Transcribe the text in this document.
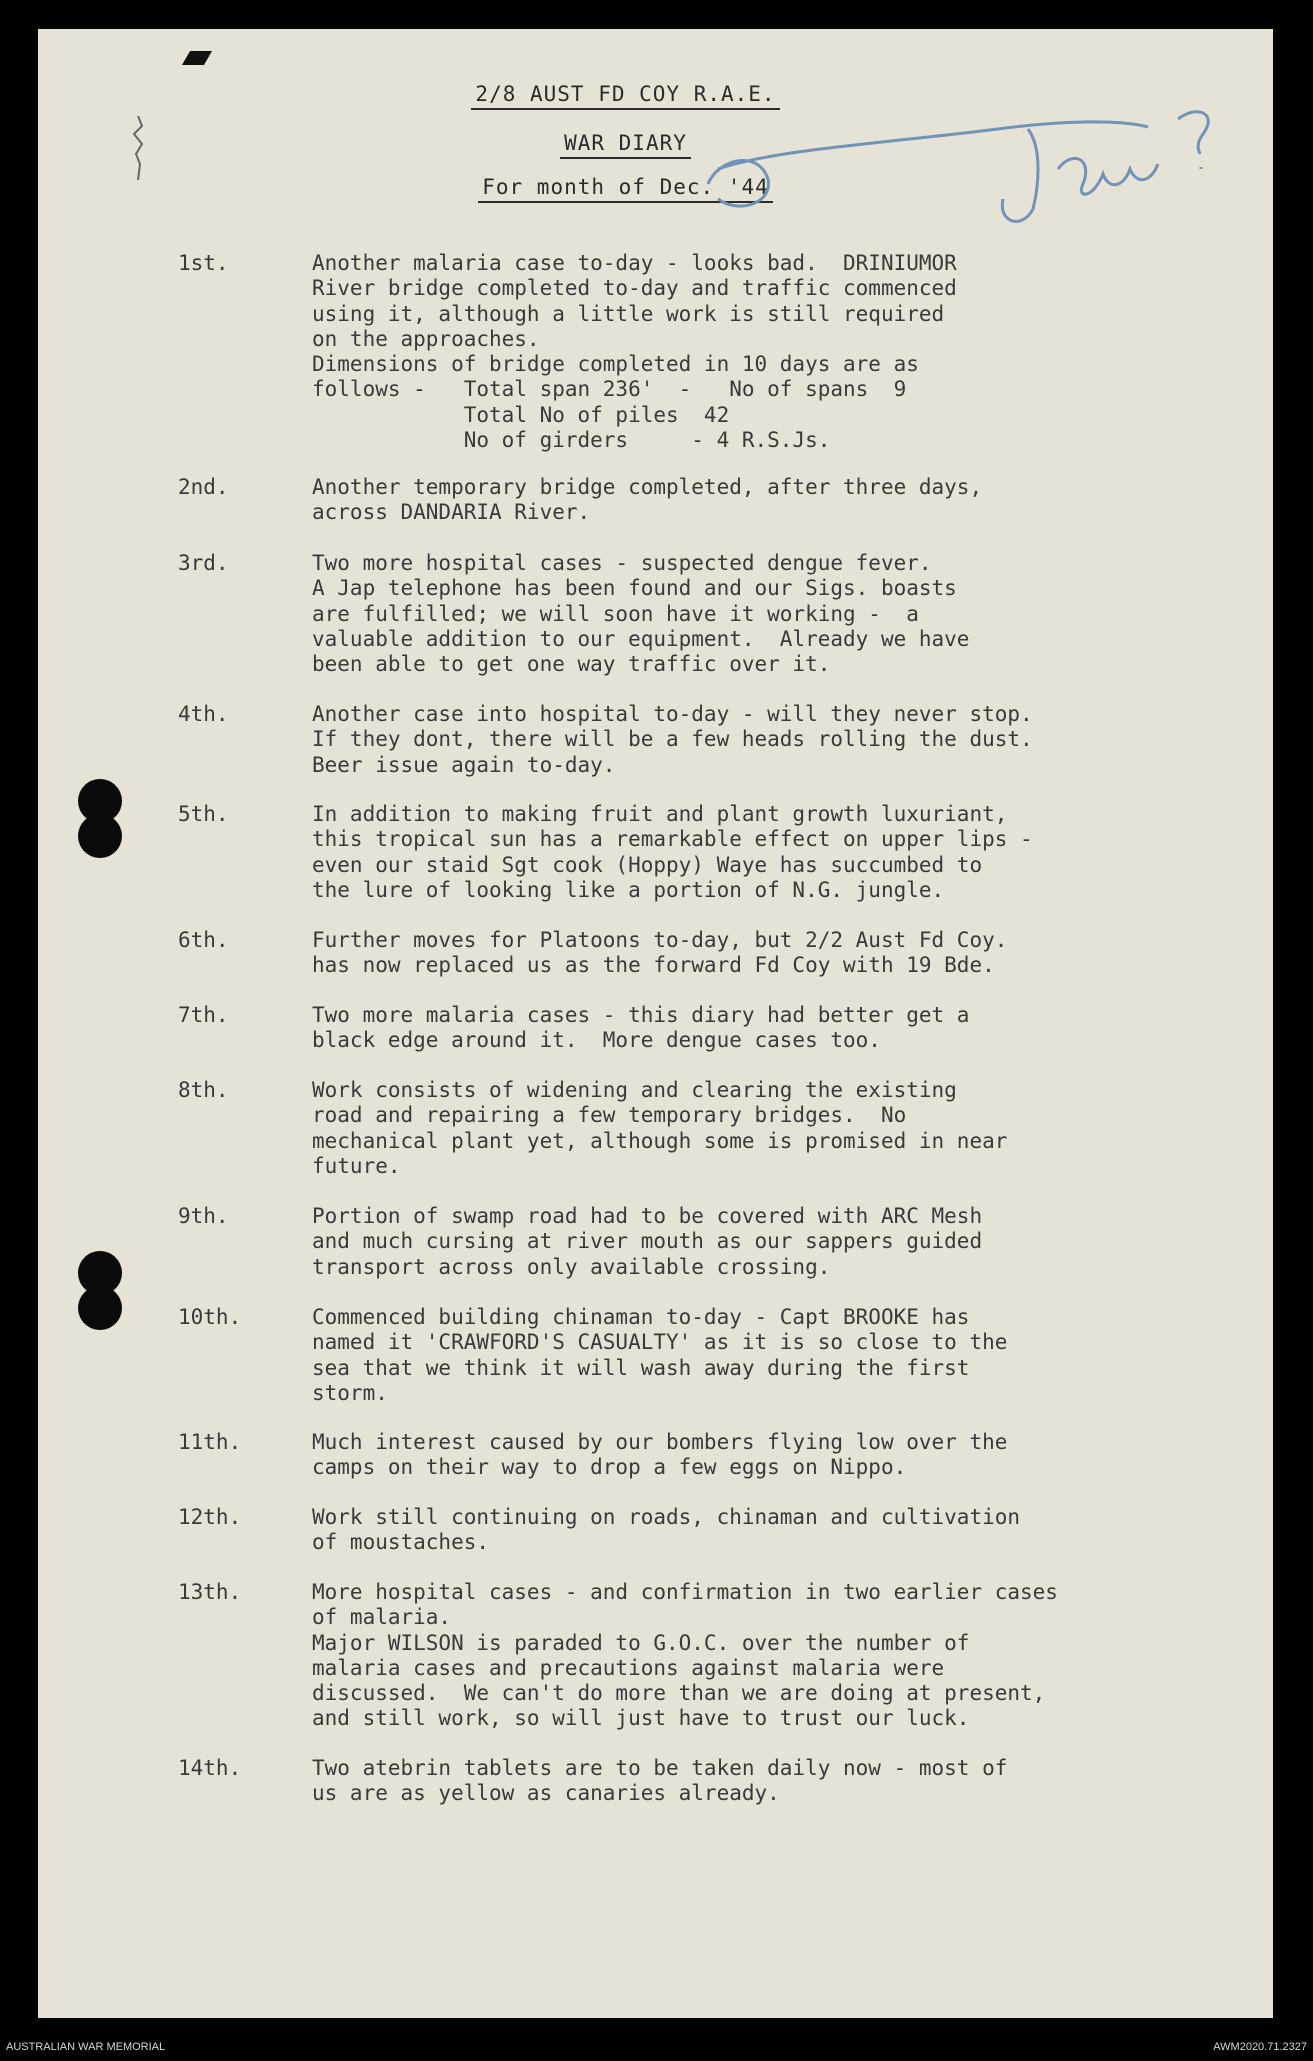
2/8 AUST FD COY R.A.E.
WAR DIARY
For month of Dec. '44
1st.	Another malaria case to-day - looks bad.  DRINIUMOR
River bridge completed to-day and traffic commenced
using it, although a little work is still required
on the approaches.
Dimensions of bridge completed in 10 days are as
follows -   Total span 236'  -   No of spans  9
Total No of piles  42
No of girders     - 4 R.S.Js.
2nd.	Another temporary bridge completed, after three days,
across DANDARIA River.
3rd.	Two more hospital cases - suspected dengue fever.
A Jap telephone has been found and our Sigs. boasts
are fulfilled; we will soon have it working -  a
valuable addition to our equipment.  Already we have
been able to get one way traffic over it.
4th.	Another case into hospital to-day - will they never stop.
If they dont, there will be a few heads rolling the dust.
Beer issue again to-day.
5th.	In addition to making fruit and plant growth luxuriant,
this tropical sun has a remarkable effect on upper lips -
even our staid Sgt cook (Hoppy) Waye has succumbed to
the lure of looking like a portion of N.G. jungle.
6th.	Further moves for Platoons to-day, but 2/2 Aust Fd Coy.
has now replaced us as the forward Fd Coy with 19 Bde.
7th.	Two more malaria cases - this diary had better get a
black edge around it.  More dengue cases too.
8th.	Work consists of widening and clearing the existing
road and repairing a few temporary bridges.  No
mechanical plant yet, although some is promised in near
future.
9th.	Portion of swamp road had to be covered with ARC Mesh
and much cursing at river mouth as our sappers guided
transport across only available crossing.
10th.	Commenced building chinaman to-day - Capt BROOKE has
named it 'CRAWFORD'S CASUALTY' as it is so close to the
sea that we think it will wash away during the first
storm.
11th.	Much interest caused by our bombers flying low over the
camps on their way to drop a few eggs on Nippo.
12th.	Work still continuing on roads, chinaman and cultivation
of moustaches.
13th.	More hospital cases - and confirmation in two earlier cases
of malaria.
Major WILSON is paraded to G.O.C. over the number of
malaria cases and precautions against malaria were
discussed.  We can't do more than we are doing at present,
and still work, so will just have to trust our luck.
14th.	Two atebrin tablets are to be taken daily now - most of
us are as yellow as canaries already.
AUSTRALIAN WAR MEMORIAL	AWM2020.71.2327
